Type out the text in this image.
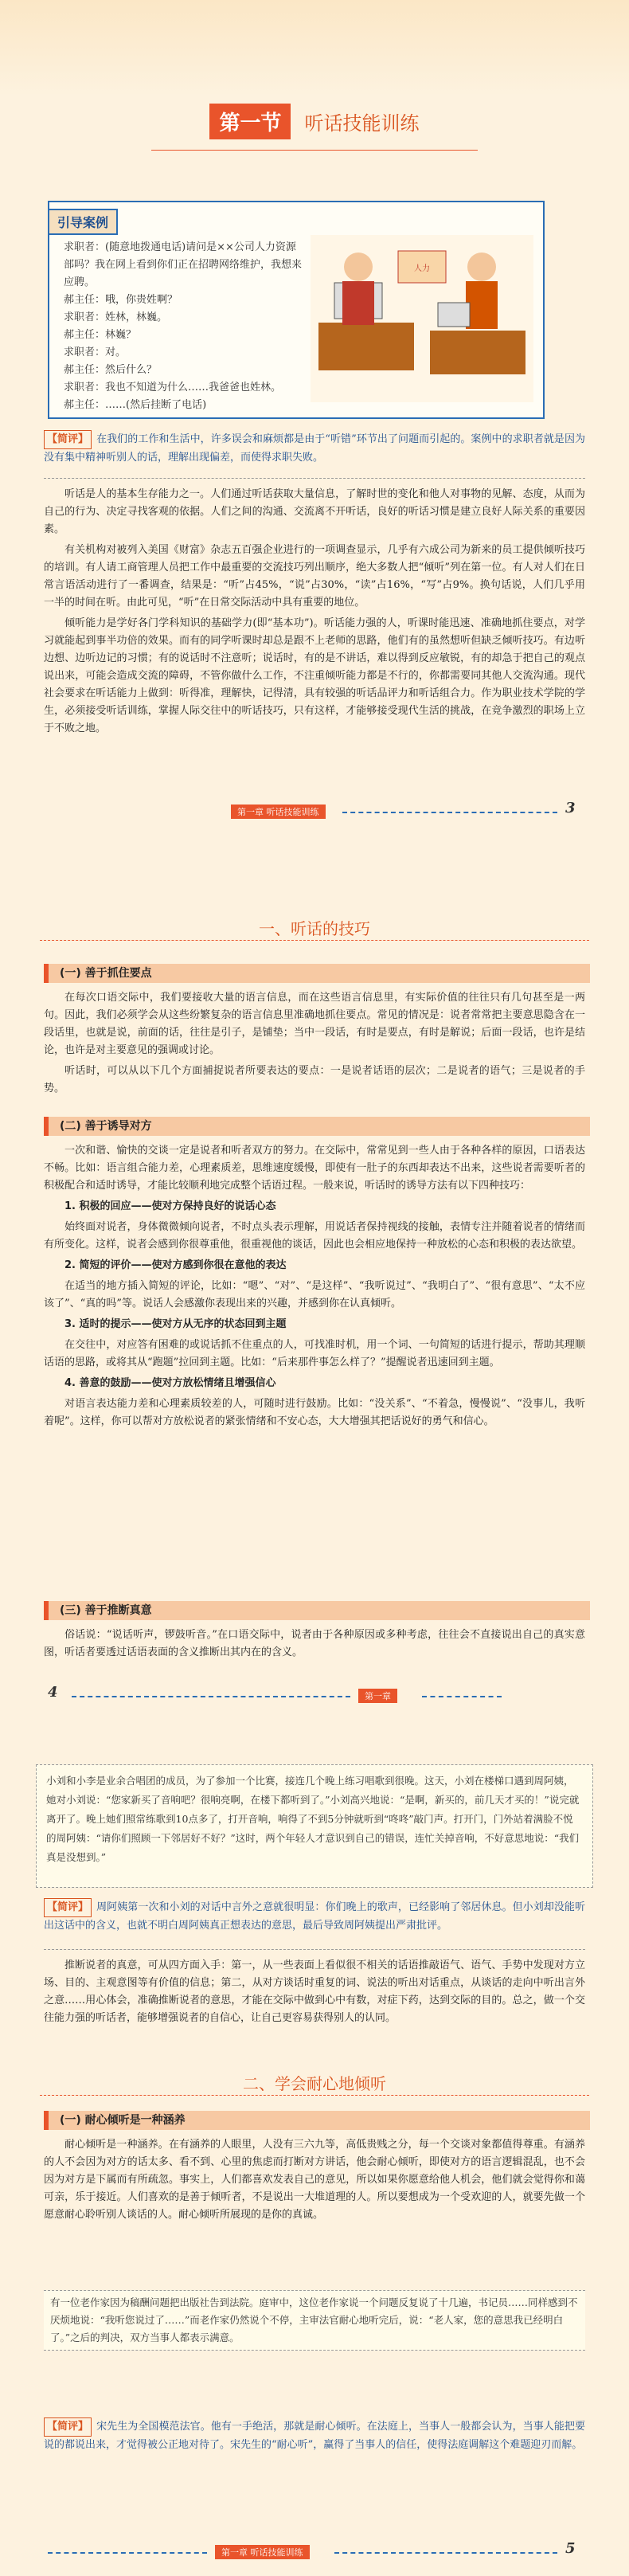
第一节 听话技能训练
引导案例

求职者：(随意地拨通电话)请问是××公司人力资源部吗？我在网上看到你们正在招聘网络维护，我想来应聘。

郝主任：哦，你贵姓啊？

求职者：姓林，林巍。

郝主任：林巍？

求职者：对。

郝主任：然后什么？

求职者：我也不知道为什么……我爸爸也姓林。

郝主任：……(然后挂断了电话)

人力

【简评】 在我们的工作和生活中，许多误会和麻烦都是由于“听错”环节出了问题而引起的。案例中的求职者就是因为没有集中精神听别人的话，理解出现偏差，而使得求职失败。

听话是人的基本生存能力之一。人们通过听话获取大量信息，了解时世的变化和他人对事物的见解、态度，从而为自己的行为、决定寻找客观的依据。人们之间的沟通、交流离不开听话，良好的听话习惯是建立良好人际关系的重要因素。

有关机构对被列入美国《财富》杂志五百强企业进行的一项调查显示，几乎有六成公司为新来的员工提供倾听技巧的培训。有人请工商管理人员把工作中最重要的交流技巧列出顺序，绝大多数人把“倾听”列在第一位。有人对人们在日常言语活动进行了一番调查，结果是：“听”占45%，“说”占30%，“读”占16%，“写”占9%。换句话说，人们几乎用一半的时间在听。由此可见，“听”在日常交际活动中具有重要的地位。

倾听能力是学好各门学科知识的基础学力(即“基本功”)。听话能力强的人，听课时能迅速、准确地抓住要点，对学习就能起到事半功倍的效果。而有的同学听课时却总是跟不上老师的思路，他们有的虽然想听但缺乏倾听技巧。有边听边想、边听边记的习惯；有的说话时不注意听；说话时，有的是不讲话，难以得到反应敏锐，有的却急于把自己的观点说出来，可能会造成交流的障碍，不管你做什么工作，不注重倾听能力都是不行的，你都需要同其他人交流沟通。现代社会要求在听话能力上做到：听得准，理解快，记得清，具有较强的听话品评力和听话组合力。作为职业技术学院的学生，必须接受听话训练，掌握人际交往中的听话技巧，只有这样，才能够接受现代生活的挑战，在竞争激烈的职场上立于不败之地。

第一章 听话技能训练	3
一、听话的技巧
(一) 善于抓住要点

在每次口语交际中，我们要接收大量的语言信息，而在这些语言信息里，有实际价值的往往只有几句甚至是一两句。因此，我们必须学会从这些纷繁复杂的语言信息里准确地抓住要点。常见的情况是：说者常常把主要意思隐含在一段话里，也就是说，前面的话，往往是引子，是铺垫；当中一段话，有时是要点，有时是解说；后面一段话，也许是结论，也许是对主要意见的强调或讨论。

听话时，可以从以下几个方面捕捉说者所要表达的要点：一是说者话语的层次；二是说者的语气；三是说者的手势。

(二) 善于诱导对方

一次和谐、愉快的交谈一定是说者和听者双方的努力。在交际中，常常见到一些人由于各种各样的原因，口语表达不畅。比如：语言组合能力差，心理素质差，思维速度缓慢，即使有一肚子的东西却表达不出来，这些说者需要听者的积极配合和适时诱导，才能比较顺利地完成整个话语过程。一般来说，听话时的诱导方法有以下四种技巧：

1. 积极的回应——使对方保持良好的说话心态

始终面对说者，身体微微倾向说者，不时点头表示理解，用说话者保持视线的接触，表情专注并随着说者的情绪而有所变化。这样，说者会感到你很尊重他，很重视他的谈话，因此也会相应地保持一种放松的心态和积极的表达欲望。

2. 简短的评价——使对方感到你很在意他的表达

在适当的地方插入简短的评论，比如：“嗯”、“对”、“是这样”、“我听说过”、“我明白了”、“很有意思”、“太不应该了”、“真的吗”等。说话人会感激你表现出来的兴趣，并感到你在认真倾听。

3. 适时的提示——使对方从无序的状态回到主题

在交往中，对应答有困难的或说话抓不住重点的人，可找准时机，用一个词、一句简短的话进行提示，帮助其理顺话语的思路，或将其从“跑题”拉回到主题。比如：“后来那件事怎么样了？”提醒说者迅速回到主题。

4. 善意的鼓励——使对方放松情绪且增强信心

对语言表达能力差和心理素质较差的人，可随时进行鼓励。比如：“没关系”、“不着急，慢慢说”、“没事儿，我听着呢”。这样，你可以帮对方放松说者的紧张情绪和不安心态，大大增强其把话说好的勇气和信心。

(三) 善于推断真意

俗话说：“说话听声，锣鼓听音。”在口语交际中，说者由于各种原因或多种考虑，往往会不直接说出自己的真实意图，听话者要透过话语表面的含义推断出其内在的含义。

4	第一章
小刘和小李是业余合唱团的成员，为了参加一个比赛，接连几个晚上练习唱歌到很晚。这天，小刘在楼梯口遇到周阿姨，她对小刘说：“您家新买了音响吧？很响亮啊，在楼下都听到了。”小刘高兴地说：“是啊，新买的，前几天才买的！”说完就离开了。晚上她们照常练歌到10点多了，打开音响，响得了不到5分钟就听到“咚咚”敲门声。打开门，门外站着满脸不悦的周阿姨：“请你们照顾一下邻居好不好？”这时，两个年轻人才意识到自己的错误，连忙关掉音响，不好意思地说：“我们真是没想到。”

【简评】 周阿姨第一次和小刘的对话中言外之意就很明显：你们晚上的歌声，已经影响了邻居休息。但小刘却没能听出这话中的含义，也就不明白周阿姨真正想表达的意思，最后导致周阿姨提出严肃批评。

推断说者的真意，可从四方面入手：第一，从一些表面上看似很不相关的话语推敲语气、语气、手势中发现对方立场、目的、主观意图等有价值的信息；第二，从对方谈话时重复的词、说法的听出对话重点，从谈话的走向中听出言外之意……用心体会，准确推断说者的意思，才能在交际中做到心中有数，对症下药，达到交际的目的。总之，做一个交往能力强的听话者，能够增强说者的自信心，让自己更容易获得别人的认同。

二、学会耐心地倾听
(一) 耐心倾听是一种涵养

耐心倾听是一种涵养。在有涵养的人眼里，人没有三六九等，高低贵贱之分，每一个交谈对象都值得尊重。有涵养的人不会因为对方的话太多、看不到、心里的焦虑而打断对方讲话，他会耐心倾听，即使对方的语言逻辑混乱，也不会因为对方是下属而有所疏忽。事实上，人们都喜欢发表自己的意见，所以如果你愿意给他人机会，他们就会觉得你和蔼可亲，乐于接近。人们喜欢的是善于倾听者，不是说出一大堆道理的人。所以要想成为一个受欢迎的人，就要先做一个愿意耐心聆听别人谈话的人。耐心倾听所展现的是你的真诚。

有一位老作家因为稿酬问题把出版社告到法院。庭审中，这位老作家说一个问题反复说了十几遍，书记员……同样感到不厌烦地说：“我听您说过了……”而老作家仍然说个不停，主审法官耐心地听完后，说：“老人家，您的意思我已经明白了。”之后的判决，双方当事人都表示满意。

【简评】 宋先生为全国模范法官。他有一手绝活，那就是耐心倾听。在法庭上，当事人一般都会认为，当事人能把要说的都说出来，才觉得被公正地对待了。宋先生的“耐心听”，赢得了当事人的信任，使得法庭调解这个难题迎刃而解。

第一章 听话技能训练	5
